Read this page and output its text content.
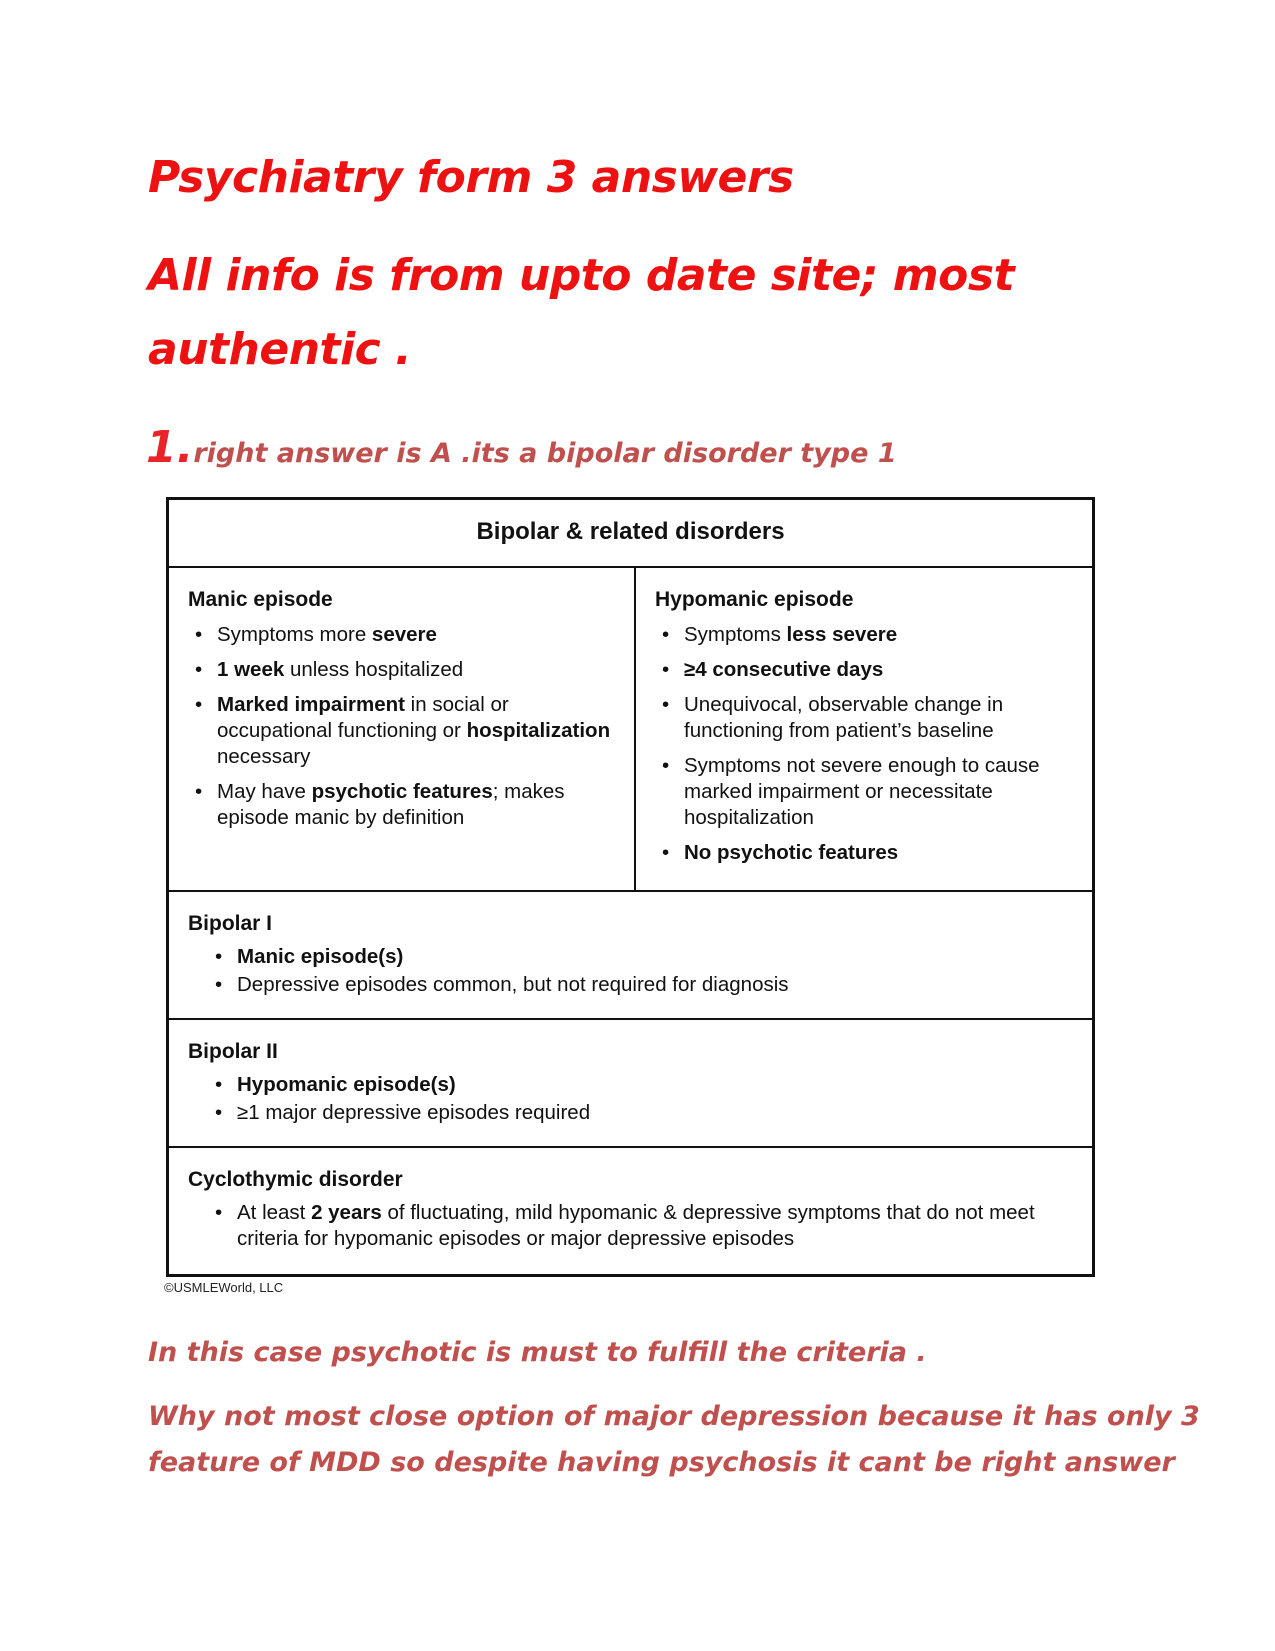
Psychiatry form 3 answers
All info is from upto date site; most
authentic .
1.right answer is A .its a bipolar disorder type 1
Bipolar & related disorders
Manic episode
• Symptoms more severe
• 1 week unless hospitalized
• Marked impairment in social or occupational functioning or hospitalization necessary
• May have psychotic features; makes episode manic by definition
Hypomanic episode
• Symptoms less severe
• ≥4 consecutive days
• Unequivocal, observable change in functioning from patient’s baseline
• Symptoms not severe enough to cause marked impairment or necessitate hospitalization
• No psychotic features
Bipolar I
• Manic episode(s)
• Depressive episodes common, but not required for diagnosis
Bipolar II
• Hypomanic episode(s)
• ≥1 major depressive episodes required
Cyclothymic disorder
• At least 2 years of fluctuating, mild hypomanic & depressive symptoms that do not meet criteria for hypomanic episodes or major depressive episodes
©USMLEWorld, LLC
In this case psychotic is must to fulfill the criteria .
Why not most close option of major depression because it has only 3
feature of MDD so despite having psychosis it cant be right answer
